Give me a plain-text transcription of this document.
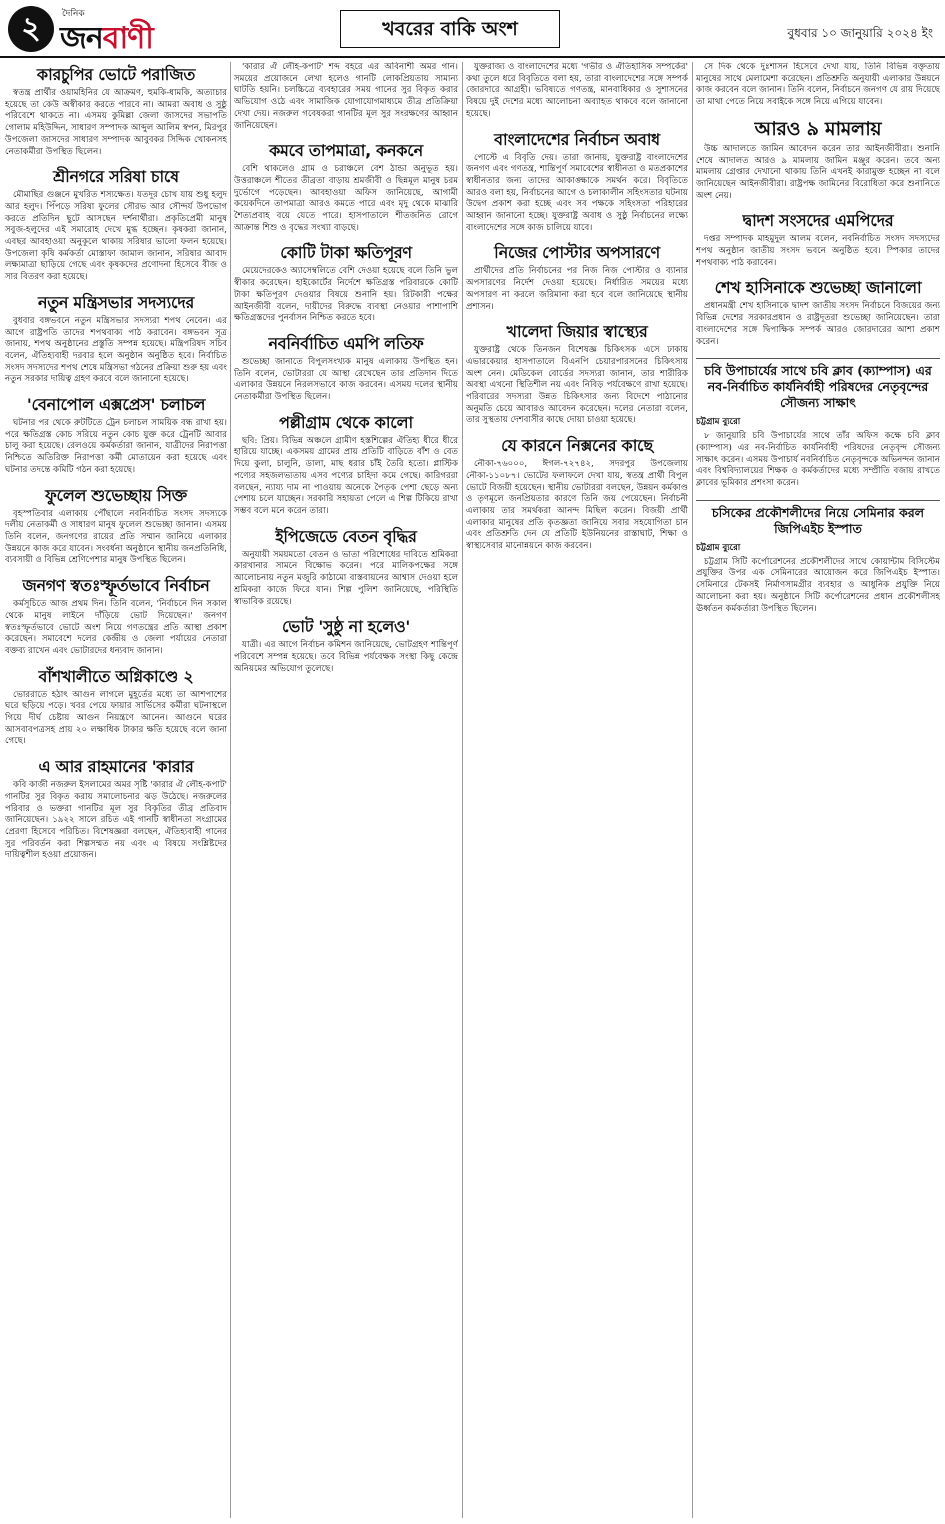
২	দৈনিক
জনবাণী	খবরের বাকি অংশ	বুধবার ১০ জানুয়ারি ২০২৪ ইং
কারচুপির ভোটে পরাজিত

স্বতন্ত্র প্রার্থীর ওয়ামহিনির যে আক্রমণ, হুমকি-ধামকি, অত্যাচার হয়েছে তা কেউ অস্বীকার করতে পারবে না। আমরা অবাধ ও সুষ্ঠু পরিবেশে থাকতে না। এসময় কুমিল্লা জেলা জাসদের সভাপতি গোলাম মহিউদ্দিন, সাধারণ সম্পাদক আব্দুল আলিম স্বপন, মিরপুর উপজেলা জাসদের সাধারণ সম্পাদক আবুবকর সিদ্দিক খোকনসহ নেতাকর্মীরা উপস্থিত ছিলেন।

শ্রীনগরে সরিষা চাষে

মৌমাছির গুঞ্জনে মুখরিত শস্যক্ষেত। যতদূর চোখ যায় শুধু হলুদ আর হলুদ। পিঁপড়ে সরিষা ফুলের সৌরভ আর সৌন্দর্য উপভোগ করতে প্রতিদিন ছুটে আসছেন দর্শনার্থীরা। প্রকৃতিপ্রেমী মানুষ সবুজ-হলুদের এই সমারোহ দেখে মুগ্ধ হচ্ছেন। কৃষকরা জানান, এবছর আবহাওয়া অনুকূলে থাকায় সরিষার ভালো ফলন হয়েছে। উপজেলা কৃষি কর্মকর্তা মোস্তাফা জামাল জানান, সরিষার আবাদ লক্ষ্যমাত্রা ছাড়িয়ে গেছে এবং কৃষকদের প্রণোদনা হিসেবে বীজ ও সার বিতরণ করা হয়েছে।

নতুন মন্ত্রিসভার সদস্যদের

বুধবার বঙ্গভবনে নতুন মন্ত্রিসভার সদস্যরা শপথ নেবেন। এর আগে রাষ্ট্রপতি তাদের শপথবাক্য পাঠ করাবেন। বঙ্গভবন সূত্র জানায়, শপথ অনুষ্ঠানের প্রস্তুতি সম্পন্ন হয়েছে। মন্ত্রিপরিষদ সচিব বলেন, ঐতিহ্যবাহী দরবার হলে অনুষ্ঠান অনুষ্ঠিত হবে। নির্বাচিত সংসদ সদস্যদের শপথ শেষে মন্ত্রিসভা গঠনের প্রক্রিয়া শুরু হয় এবং নতুন সরকার দায়িত্ব গ্রহণ করবে বলে জানানো হয়েছে।

'বেনাপোল এক্সপ্রেস' চলাচল

ঘটনার পর থেকে রুটটিতে ট্রেন চলাচল সাময়িক বন্ধ রাখা হয়। পরে ক্ষতিগ্রস্ত কোচ সরিয়ে নতুন কোচ যুক্ত করে ট্রেনটি আবার চালু করা হয়েছে। রেলওয়ে কর্মকর্তারা জানান, যাত্রীদের নিরাপত্তা নিশ্চিতে অতিরিক্ত নিরাপত্তা কর্মী মোতায়েন করা হয়েছে এবং ঘটনার তদন্তে কমিটি গঠন করা হয়েছে।

ফুলেল শুভেচ্ছায় সিক্ত

বৃহস্পতিবার এলাকায় পৌঁছালে নবনির্বাচিত সংসদ সদস্যকে দলীয় নেতাকর্মী ও সাধারণ মানুষ ফুলেল শুভেচ্ছা জানান। এসময় তিনি বলেন, জনগণের রায়ের প্রতি সম্মান জানিয়ে এলাকার উন্নয়নে কাজ করে যাবেন। সংবর্ধনা অনুষ্ঠানে স্থানীয় জনপ্রতিনিধি, ব্যবসায়ী ও বিভিন্ন শ্রেণিপেশার মানুষ উপস্থিত ছিলেন।

জনগণ স্বতঃস্ফূর্তভাবে নির্বাচন

কর্মসূচিতে আজ প্রথম দিন। তিনি বলেন, 'নির্বাচনে দিন সকাল থেকে মানুষ লাইনে দাঁড়িয়ে ভোট দিয়েছেন।' জনগণ স্বতঃস্ফূর্তভাবে ভোটে অংশ নিয়ে গণতন্ত্রের প্রতি আস্থা প্রকাশ করেছেন। সমাবেশে দলের কেন্দ্রীয় ও জেলা পর্যায়ের নেতারা বক্তব্য রাখেন এবং ভোটারদের ধন্যবাদ জানান।

বাঁশখালীতে অগ্নিকাণ্ডে ২

ভোররাতে হঠাৎ আগুন লাগলে মুহূর্তের মধ্যে তা আশপাশের ঘরে ছড়িয়ে পড়ে। খবর পেয়ে ফায়ার সার্ভিসের কর্মীরা ঘটনাস্থলে গিয়ে দীর্ঘ চেষ্টায় আগুন নিয়ন্ত্রণে আনেন। আগুনে ঘরের আসবাবপত্রসহ প্রায় ২০ লক্ষাধিক টাকার ক্ষতি হয়েছে বলে জানা গেছে।

এ আর রাহমানের 'কারার

কবি কাজী নজরুল ইসলামের অমর সৃষ্টি 'কারার ঐ লৌহ-কপাট' গানটির সুর বিকৃত করায় সমালোচনার ঝড় উঠেছে। নজরুলের পরিবার ও ভক্তরা গানটির মূল সুর বিকৃতির তীব্র প্রতিবাদ জানিয়েছেন। ১৯২২ সালে রচিত এই গানটি স্বাধীনতা সংগ্রামের প্রেরণা হিসেবে পরিচিত। বিশেষজ্ঞরা বলছেন, ঐতিহ্যবাহী গানের সুর পরিবর্তন করা শিল্পসম্মত নয় এবং এ বিষয়ে সংশ্লিষ্টদের দায়িত্বশীল হওয়া প্রয়োজন।

'কারার ঐ লৌহ-কপাট' শব্দ বহরে এর অবিনাশী অমর গান। সময়ের প্রয়োজনে লেখা হলেও গানটি লোকপ্রিয়তায় সামান্য ঘাটতি হয়নি। চলচ্চিত্রে ব্যবহারের সময় গানের সুর বিকৃত করার অভিযোগ ওঠে এবং সামাজিক যোগাযোগমাধ্যমে তীব্র প্রতিক্রিয়া দেখা দেয়। নজরুল গবেষকরা গানটির মূল সুর সংরক্ষণের আহ্বান জানিয়েছেন।

কমবে তাপমাত্রা, কনকনে

বেশি থাকলেও গ্রাম ও চরাঞ্চলে বেশ ঠান্ডা অনুভূত হয়। উত্তরাঞ্চলে শীতের তীব্রতা বাড়ায় শ্রমজীবী ও ছিন্নমূল মানুষ চরম দুর্ভোগে পড়েছেন। আবহাওয়া অফিস জানিয়েছে, আগামী কয়েকদিনে তাপমাত্রা আরও কমতে পারে এবং মৃদু থেকে মাঝারি শৈত্যপ্রবাহ বয়ে যেতে পারে। হাসপাতালে শীতজনিত রোগে আক্রান্ত শিশু ও বৃদ্ধের সংখ্যা বাড়ছে।

কোটি টাকা ক্ষতিপূরণ

মেয়েদেরকেও অ্যাসেম্বলিতে বেশি দেওয়া হয়েছে বলে তিনি ভুল স্বীকার করেছেন। হাইকোর্টের নির্দেশে ক্ষতিগ্রস্ত পরিবারকে কোটি টাকা ক্ষতিপূরণ দেওয়ার বিষয়ে শুনানি হয়। রিটকারী পক্ষের আইনজীবী বলেন, দায়ীদের বিরুদ্ধে ব্যবস্থা নেওয়ার পাশাপাশি ক্ষতিগ্রস্তদের পুনর্বাসন নিশ্চিত করতে হবে।

নবনির্বাচিত এমপি লতিফ

শুভেচ্ছা জানাতে বিপুলসংখ্যক মানুষ এলাকায় উপস্থিত হন। তিনি বলেন, ভোটাররা যে আস্থা রেখেছেন তার প্রতিদান দিতে এলাকার উন্নয়নে নিরলসভাবে কাজ করবেন। এসময় দলের স্থানীয় নেতাকর্মীরা উপস্থিত ছিলেন।

পল্লীগ্রাম থেকে কালো

ছবি: প্রিয়। বিভিন্ন অঞ্চলে গ্রামীণ হস্তশিল্পের ঐতিহ্য ধীরে ধীরে হারিয়ে যাচ্ছে। একসময় গ্রামের প্রায় প্রতিটি বাড়িতে বাঁশ ও বেত দিয়ে কুলা, চালুনি, ডালা, মাছ ধরার চাঁই তৈরি হতো। প্লাস্টিক পণ্যের সহজলভ্যতায় এসব পণ্যের চাহিদা কমে গেছে। কারিগররা বলছেন, ন্যায্য দাম না পাওয়ায় অনেকে পৈতৃক পেশা ছেড়ে অন্য পেশায় চলে যাচ্ছেন। সরকারি সহায়তা পেলে এ শিল্প টিকিয়ে রাখা সম্ভব বলে মনে করেন তারা।

ইপিজেডে বেতন বৃদ্ধির

অনুযায়ী সময়মতো বেতন ও ভাতা পরিশোধের দাবিতে শ্রমিকরা কারখানার সামনে বিক্ষোভ করেন। পরে মালিকপক্ষের সঙ্গে আলোচনায় নতুন মজুরি কাঠামো বাস্তবায়নের আশ্বাস দেওয়া হলে শ্রমিকরা কাজে ফিরে যান। শিল্প পুলিশ জানিয়েছে, পরিস্থিতি স্বাভাবিক রয়েছে।

ভোট 'সুষ্ঠু না হলেও'

যাত্রী। এর আগে নির্বাচন কমিশন জানিয়েছে, ভোটগ্রহণ শান্তিপূর্ণ পরিবেশে সম্পন্ন হয়েছে। তবে বিভিন্ন পর্যবেক্ষক সংস্থা কিছু কেন্দ্রে অনিয়মের অভিযোগ তুলেছে।

যুক্তরাজ্য ও বাংলাদেশের মধ্যে 'গভীর ও ঐতিহাসিক সম্পর্কের' কথা তুলে ধরে বিবৃতিতে বলা হয়, তারা বাংলাদেশের সঙ্গে সম্পর্ক জোরদারে আগ্রহী। ভবিষ্যতে গণতন্ত্র, মানবাধিকার ও সুশাসনের বিষয়ে দুই দেশের মধ্যে আলোচনা অব্যাহত থাকবে বলে জানানো হয়েছে।

বাংলাদেশের নির্বাচন অবাধ

পোস্টে এ বিবৃতি দেয়। তারা জানায়, যুক্তরাষ্ট্র বাংলাদেশের জনগণ এবং গণতন্ত্র, শান্তিপূর্ণ সমাবেশের স্বাধীনতা ও মতপ্রকাশের স্বাধীনতার জন্য তাদের আকাঙ্ক্ষাকে সমর্থন করে। বিবৃতিতে আরও বলা হয়, নির্বাচনের আগে ও চলাকালীন সহিংসতার ঘটনায় উদ্বেগ প্রকাশ করা হচ্ছে এবং সব পক্ষকে সহিংসতা পরিহারের আহ্বান জানানো হচ্ছে। যুক্তরাষ্ট্র অবাধ ও সুষ্ঠু নির্বাচনের লক্ষ্যে বাংলাদেশের সঙ্গে কাজ চালিয়ে যাবে।

নিজের পোস্টার অপসারণে

প্রার্থীদের প্রতি নির্বাচনের পর নিজ নিজ পোস্টার ও ব্যানার অপসারণের নির্দেশ দেওয়া হয়েছে। নির্ধারিত সময়ের মধ্যে অপসারণ না করলে জরিমানা করা হবে বলে জানিয়েছে স্থানীয় প্রশাসন।

খালেদা জিয়ার স্বাস্থ্যের

যুক্তরাষ্ট্র থেকে তিনজন বিশেষজ্ঞ চিকিৎসক এসে ঢাকায় এভারকেয়ার হাসপাতালে বিএনপি চেয়ারপারসনের চিকিৎসায় অংশ নেন। মেডিকেল বোর্ডের সদস্যরা জানান, তার শারীরিক অবস্থা এখনো স্থিতিশীল নয় এবং নিবিড় পর্যবেক্ষণে রাখা হয়েছে। পরিবারের সদস্যরা উন্নত চিকিৎসার জন্য বিদেশে পাঠানোর অনুমতি চেয়ে আবারও আবেদন করেছেন। দলের নেতারা বলেন, তার সুস্থতায় দেশবাসীর কাছে দোয়া চাওয়া হয়েছে।

যে কারনে নিক্সনের কাছে

নৌকা-৭৬০০০, ঈগল-৭২৭৪২, সদরপুর উপজেলায় নৌকা-১১০৮৭। ভোটের ফলাফলে দেখা যায়, স্বতন্ত্র প্রার্থী বিপুল ভোটে বিজয়ী হয়েছেন। স্থানীয় ভোটাররা বলছেন, উন্নয়ন কর্মকাণ্ড ও তৃণমূলে জনপ্রিয়তার কারণে তিনি জয় পেয়েছেন। নির্বাচনী এলাকায় তার সমর্থকরা আনন্দ মিছিল করেন। বিজয়ী প্রার্থী এলাকার মানুষের প্রতি কৃতজ্ঞতা জানিয়ে সবার সহযোগিতা চান এবং প্রতিশ্রুতি দেন যে প্রতিটি ইউনিয়নের রাস্তাঘাট, শিক্ষা ও স্বাস্থ্যসেবার মানোন্নয়নে কাজ করবেন।

সে দিক থেকে দুঃশাসন হিসেবে দেখা যায়, তিনি বিভিন্ন বক্তৃতায় মানুষের সাথে মেলামেশা করেছেন। প্রতিশ্রুতি অনুযায়ী এলাকার উন্নয়নে কাজ করবেন বলে জানান। তিনি বলেন, নির্বাচনে জনগণ যে রায় দিয়েছে তা মাথা পেতে নিয়ে সবাইকে সঙ্গে নিয়ে এগিয়ে যাবেন।

আরও ৯ মামলায়

উচ্চ আদালতে জামিন আবেদন করেন তার আইনজীবীরা। শুনানি শেষে আদালত আরও ৯ মামলায় জামিন মঞ্জুর করেন। তবে অন্য মামলায় গ্রেপ্তার দেখানো থাকায় তিনি এখনই কারামুক্ত হচ্ছেন না বলে জানিয়েছেন আইনজীবীরা। রাষ্ট্রপক্ষ জামিনের বিরোধিতা করে শুনানিতে অংশ নেয়।

দ্বাদশ সংসদের এমপিদের

দপ্তর সম্পাদক মাহমুদুল আলম বলেন, নবনির্বাচিত সংসদ সদস্যদের শপথ অনুষ্ঠান জাতীয় সংসদ ভবনে অনুষ্ঠিত হবে। স্পিকার তাদের শপথবাক্য পাঠ করাবেন।

শেখ হাসিনাকে শুভেচ্ছা জানালো

প্রধানমন্ত্রী শেখ হাসিনাকে দ্বাদশ জাতীয় সংসদ নির্বাচনে বিজয়ের জন্য বিভিন্ন দেশের সরকারপ্রধান ও রাষ্ট্রদূতরা শুভেচ্ছা জানিয়েছেন। তারা বাংলাদেশের সঙ্গে দ্বিপাক্ষিক সম্পর্ক আরও জোরদারের আশা প্রকাশ করেন।

চবি উপাচার্যের সাথে চবি ক্লাব (ক্যাম্পাস) এর নব-নির্বাচিত কার্যনির্বাহী পরিষদের নেতৃবৃন্দের সৌজন্য সাক্ষাৎ
চট্টগ্রাম ব্যুরো

৮ জানুয়ারি চবি উপাচার্যের সাথে তাঁর অফিস কক্ষে চবি ক্লাব (ক্যাম্পাস) এর নব-নির্বাচিত কার্যনির্বাহী পরিষদের নেতৃবৃন্দ সৌজন্য সাক্ষাৎ করেন। এসময় উপাচার্য নবনির্বাচিত নেতৃবৃন্দকে অভিনন্দন জানান এবং বিশ্ববিদ্যালয়ের শিক্ষক ও কর্মকর্তাদের মধ্যে সম্প্রীতি বজায় রাখতে ক্লাবের ভূমিকার প্রশংসা করেন।

চসিকের প্রকৌশলীদের নিয়ে সেমিনার করল জিপিএইচ ইস্পাত
চট্টগ্রাম ব্যুরো

চট্টগ্রাম সিটি কর্পোরেশনের প্রকৌশলীদের সাথে কোয়ান্টাম বিসিস্টেম প্রযুক্তির উপর এক সেমিনারের আয়োজন করে জিপিএইচ ইস্পাত। সেমিনারে টেকসই নির্মাণসামগ্রীর ব্যবহার ও আধুনিক প্রযুক্তি নিয়ে আলোচনা করা হয়। অনুষ্ঠানে সিটি কর্পোরেশনের প্রধান প্রকৌশলীসহ ঊর্ধ্বতন কর্মকর্তারা উপস্থিত ছিলেন।
